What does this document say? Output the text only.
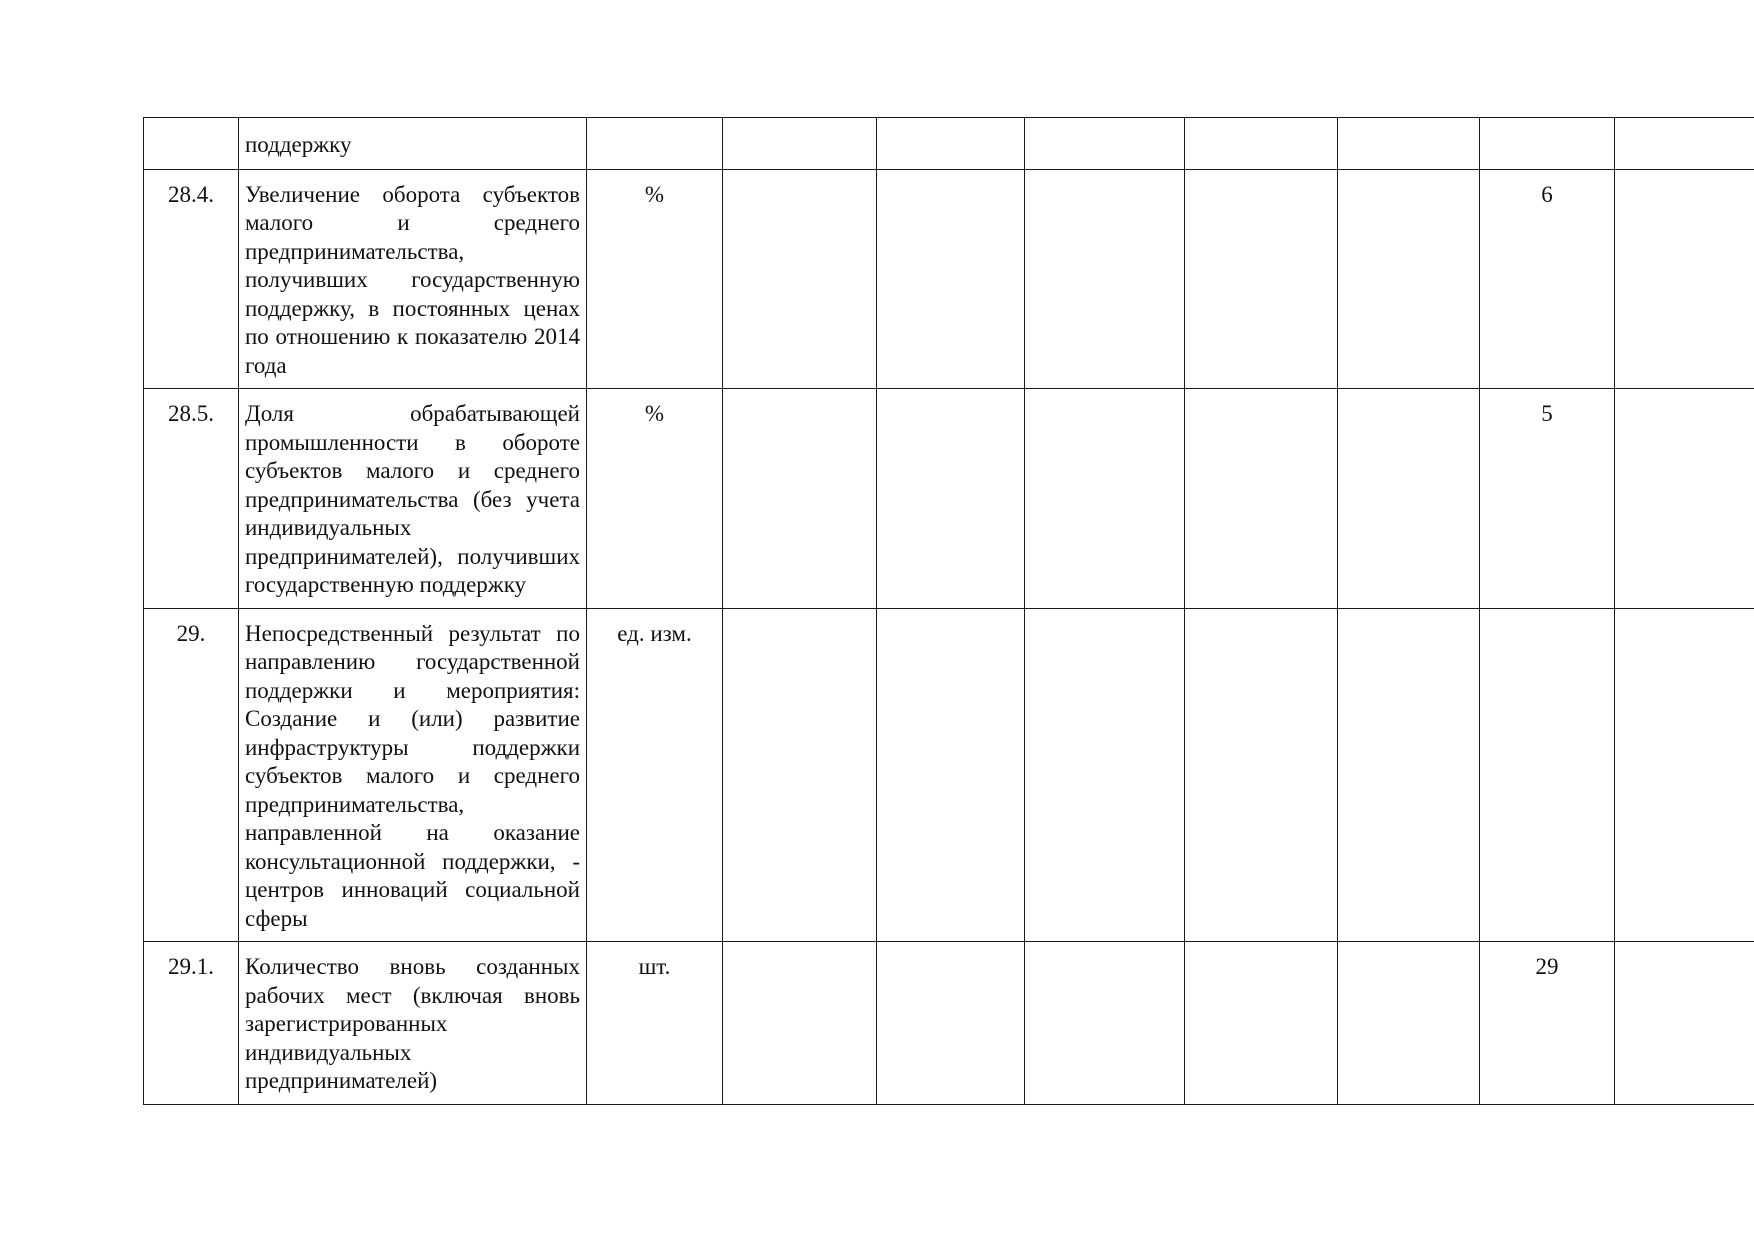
	поддержку								
28.4.	Увеличение оборота субъектов малого и среднего предпринимательства, получивших государственную поддержку, в постоянных ценах по отношению к показателю 2014 года	%						6	
28.5.	Доля обрабатывающей промышленности в обороте субъектов малого и среднего предпринимательства (без учета индивидуальных предпринимателей), получивших государственную поддержку	%						5	
29.	Непосредственный результат по направлению государственной поддержки и мероприятия: Создание и (или) развитие инфраструктуры поддержки субъектов малого и среднего предпринимательства, направленной на оказание консультационной поддержки, - центров инноваций социальной сферы	ед. изм.							
29.1.	Количество вновь созданных рабочих мест (включая вновь зарегистрированных индивидуальных предпринимателей)	шт.						29	
